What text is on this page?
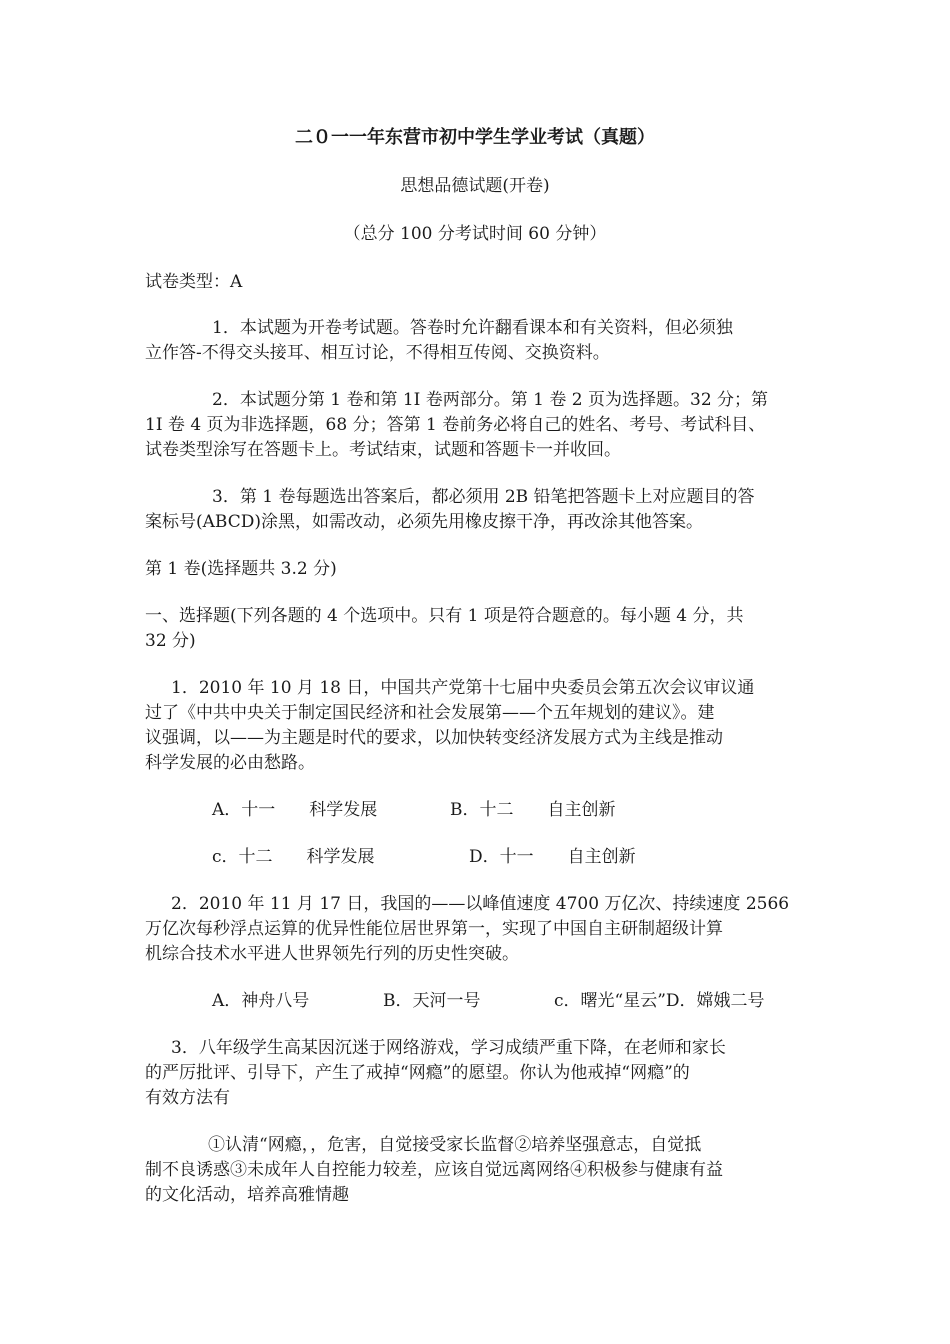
二０一一年东营市初中学生学业考试（真题）
思想品德试题(开卷)
（总分 100 分考试时间 60 分钟）
试卷类型：A
1．本试题为开卷考试题。答卷时允许翻看课本和有关资料，但必须独
立作答-不得交头接耳、相互讨论，不得相互传阅、交换资料。
2．本试题分第 1 卷和第 1I 卷两部分。第 1 卷 2 页为选择题。32 分；第
1I 卷 4 页为非选择题，68 分；答第 1 卷前务必将自己的姓名、考号、考试科目、
试卷类型涂写在答题卡上。考试结束，试题和答题卡一并收回。
3．第 1 卷每题选出答案后，都必须用 2B 铅笔把答题卡上对应题目的答
案标号(ABCD)涂黑，如需改动，必须先用橡皮擦干净，再改涂其他答案。
第 1 卷(选择题共 3.2 分)
一、选择题(下列各题的 4 个选项中。只有 1 项是符合题意的。每小题 4 分，共
32 分)
1．2010 年 10 月 18 日，中国共产党第十七届中央委员会第五次会议审议通
过了《中共中央关于制定国民经济和社会发展第——个五年规划的建议》。建
议强调，以——为主题是时代的要求，以加快转变经济发展方式为主线是推动
科学发展的必由愁路。
A．十一　　科学发展	B．十二　　自主创新
c．十二　　科学发展	D．十一　　自主创新
2．2010 年 11 月 17 日，我国的——以峰值速度 4700 万亿次、持续速度 2566
万亿次每秒浮点运算的优异性能位居世界第一，实现了中国自主研制超级计算
机综合技术水平进人世界领先行列的历史性突破。
A．神舟八号	B．天河一号	c．曙光“星云”D．嫦娥二号
3．八年级学生高某因沉迷于网络游戏，学习成绩严重下降，在老师和家长
的严厉批评、引导下，产生了戒掉“网瘾”的愿望。你认为他戒掉“网瘾”的
有效方法有
①认清“网瘾，，危害，自觉接受家长监督②培养坚强意志，自觉抵
制不良诱惑③未成年人自控能力较差，应该自觉远离网络④积极参与健康有益
的文化活动，培养高雅情趣
